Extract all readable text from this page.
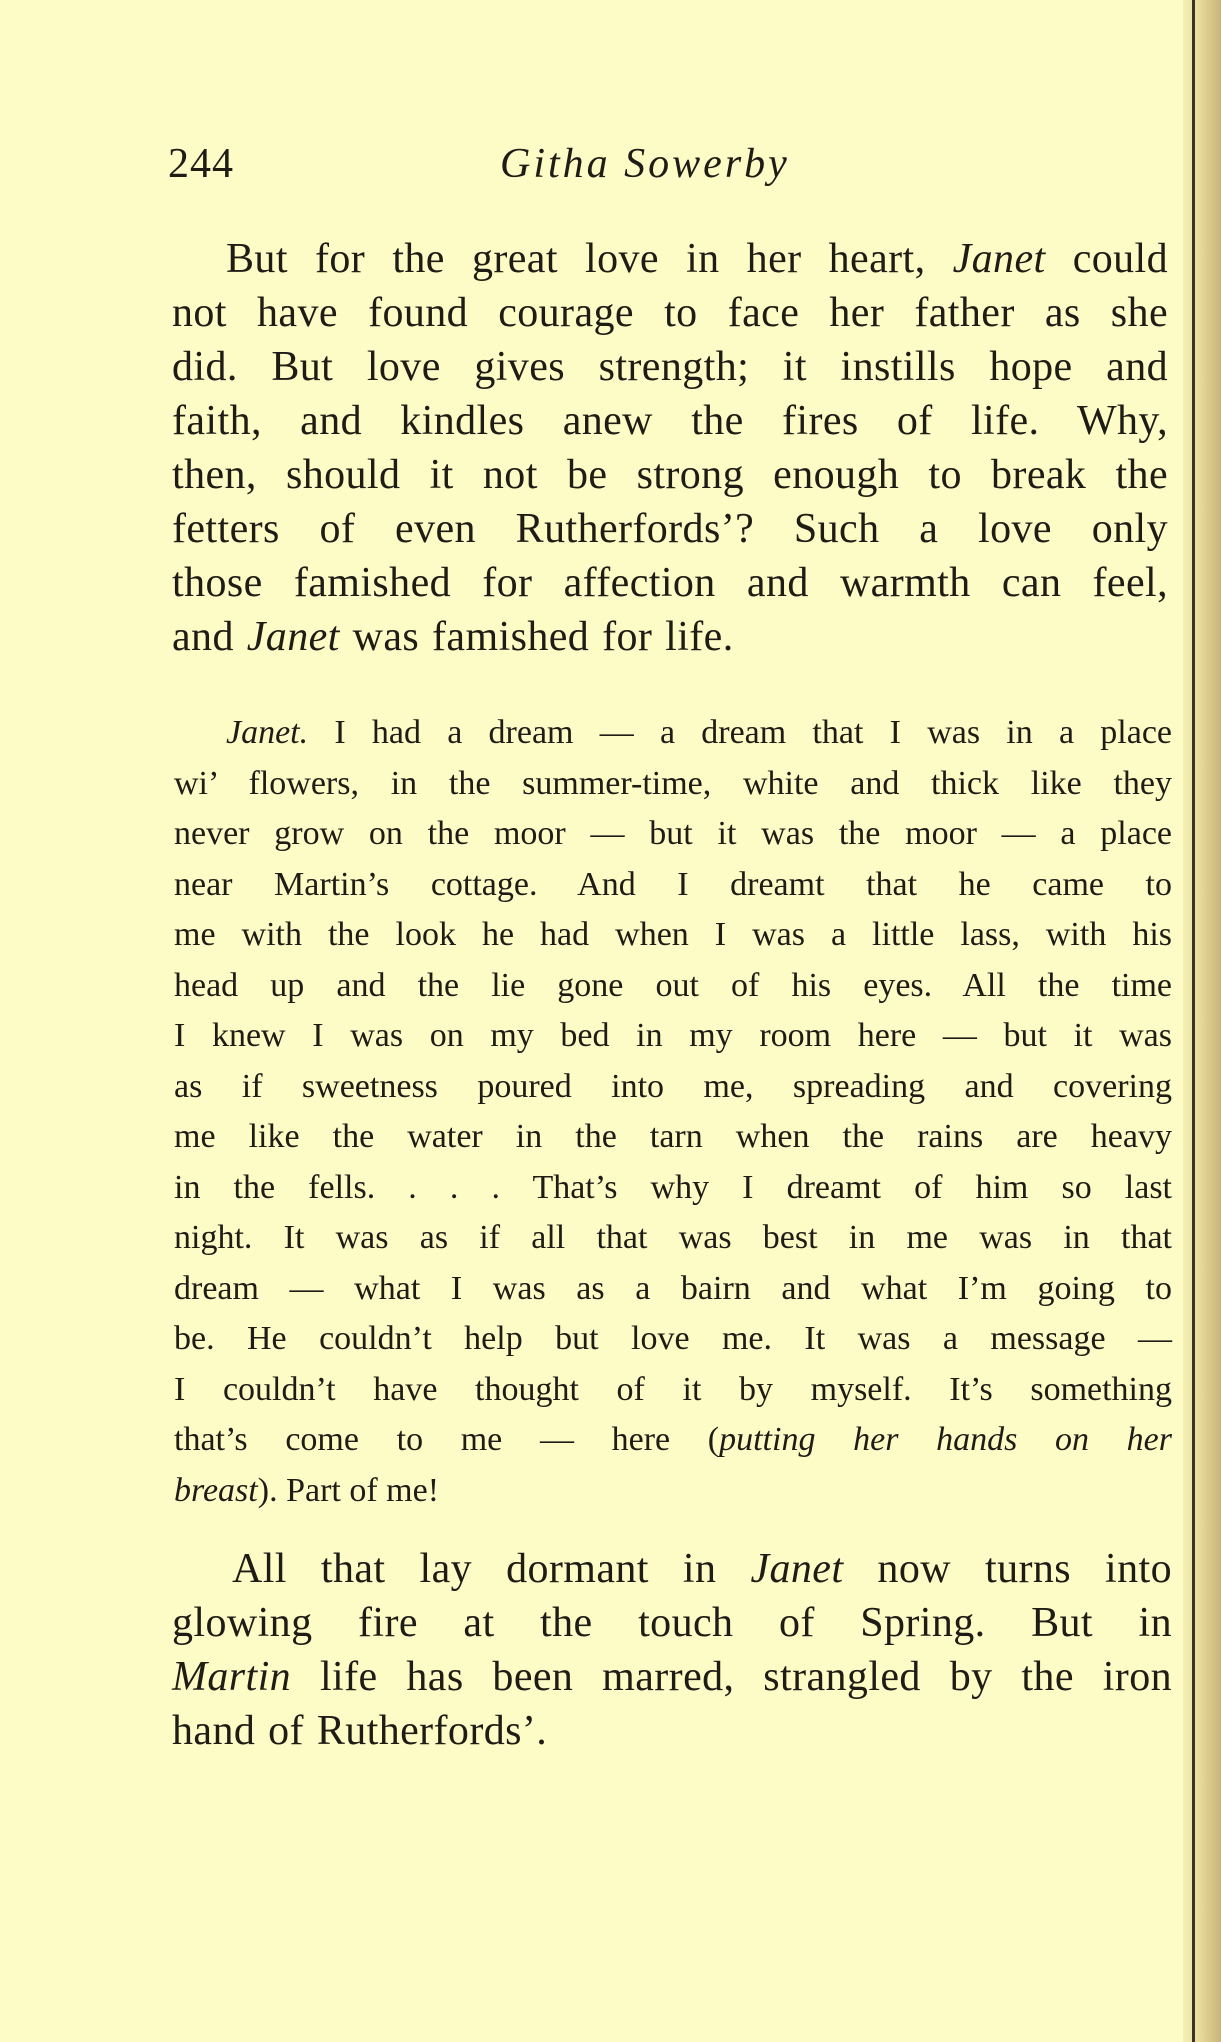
244	Githa Sowerby
But for the great love in her heart, Janet could
not have found courage to face her father as she
did. But love gives strength; it instills hope and
faith, and kindles anew the fires of life. Why,
then, should it not be strong enough to break the
fetters of even Rutherfords’? Such a love only
those famished for affection and warmth can feel,
and Janet was famished for life.
Janet. I had a dream — a dream that I was in a place
wi’ flowers, in the summer-time, white and thick like they
never grow on the moor — but it was the moor — a place
near Martin’s cottage. And I dreamt that he came to
me with the look he had when I was a little lass, with his
head up and the lie gone out of his eyes. All the time
I knew I was on my bed in my room here — but it was
as if sweetness poured into me, spreading and covering
me like the water in the tarn when the rains are heavy
in the fells. . . . That’s why I dreamt of him so last
night. It was as if all that was best in me was in that
dream — what I was as a bairn and what I’m going to
be. He couldn’t help but love me. It was a message —
I couldn’t have thought of it by myself. It’s something
that’s come to me — here (putting her hands on her
breast). Part of me!
All that lay dormant in Janet now turns into
glowing fire at the touch of Spring. But in
Martin life has been marred, strangled by the iron
hand of Rutherfords’.
